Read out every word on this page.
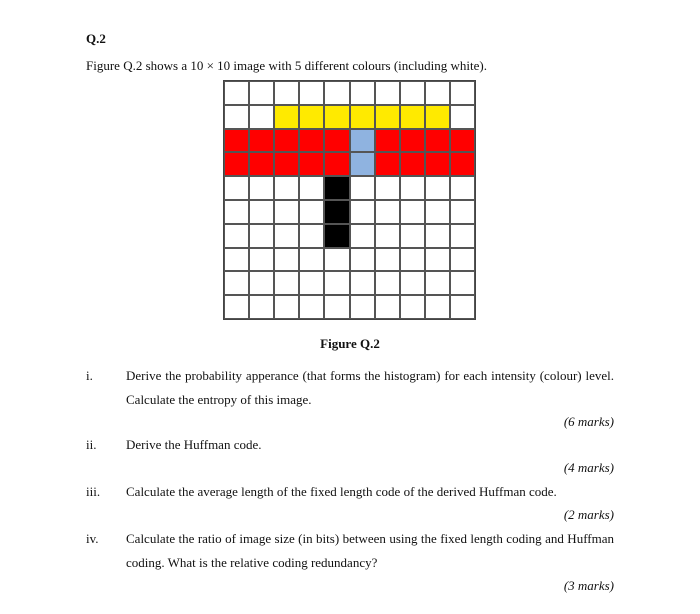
Q.2
Figure Q.2 shows a 10 × 10 image with 5 different colours (including white).
Figure Q.2
i.	Derive the probability apperance (that forms the histogram) for each intensity (colour) level. Calculate the entropy of this image.
(6 marks)
ii. Derive the Huffman code.
(4 marks)
iii. Calculate the average length of the fixed length code of the derived Huffman code.
(2 marks)
iv. Calculate the ratio of image size (in bits) between using the fixed length coding and Huffman coding. What is the relative coding redundancy?
(3 marks)
